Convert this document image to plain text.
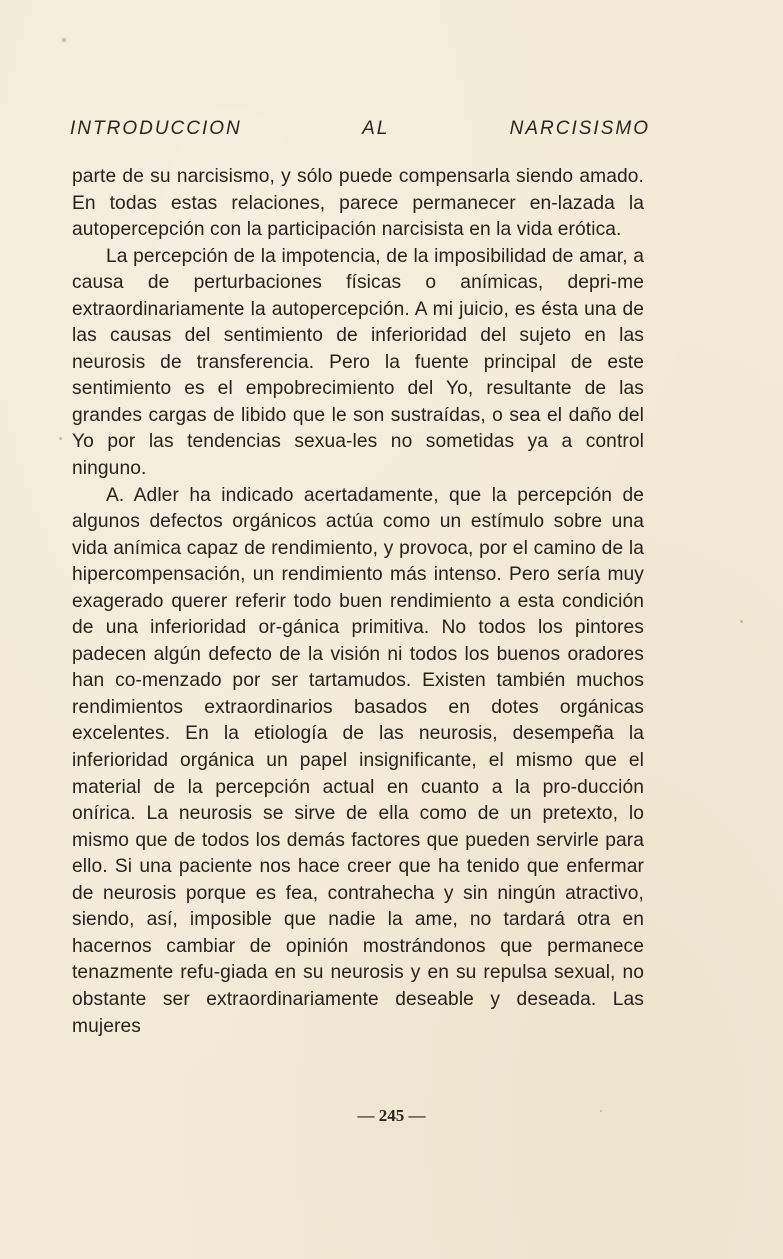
INTRODUCCION	AL	NARCISISMO

parte de su narcisismo, y sólo puede compensarla siendo amado. En todas estas relaciones, parece permanecer en-lazada la autopercepción con la participación narcisista en la vida erótica.

La percepción de la impotencia, de la imposibilidad de amar, a causa de perturbaciones físicas o anímicas, depri-me extraordinariamente la autopercepción. A mi juicio, es ésta una de las causas del sentimiento de inferioridad del sujeto en las neurosis de transferencia. Pero la fuente principal de este sentimiento es el empobrecimiento del Yo, resultante de las grandes cargas de libido que le son sustraídas, o sea el daño del Yo por las tendencias sexua-les no sometidas ya a control ninguno.

A. Adler ha indicado acertadamente, que la percepción de algunos defectos orgánicos actúa como un estímulo sobre una vida anímica capaz de rendimiento, y provoca, por el camino de la hipercompensación, un rendimiento más intenso. Pero sería muy exagerado querer referir todo buen rendimiento a esta condición de una inferioridad or-gánica primitiva. No todos los pintores padecen algún defecto de la visión ni todos los buenos oradores han co-menzado por ser tartamudos. Existen también muchos rendimientos extraordinarios basados en dotes orgánicas excelentes. En la etiología de las neurosis, desempeña la inferioridad orgánica un papel insignificante, el mismo que el material de la percepción actual en cuanto a la pro-ducción onírica. La neurosis se sirve de ella como de un pretexto, lo mismo que de todos los demás factores que pueden servirle para ello. Si una paciente nos hace creer que ha tenido que enfermar de neurosis porque es fea, contrahecha y sin ningún atractivo, siendo, así, imposible que nadie la ame, no tardará otra en hacernos cambiar de opinión mostrándonos que permanece tenazmente refu-giada en su neurosis y en su repulsa sexual, no obstante ser extraordinariamente deseable y deseada. Las mujeres

— 245 —
